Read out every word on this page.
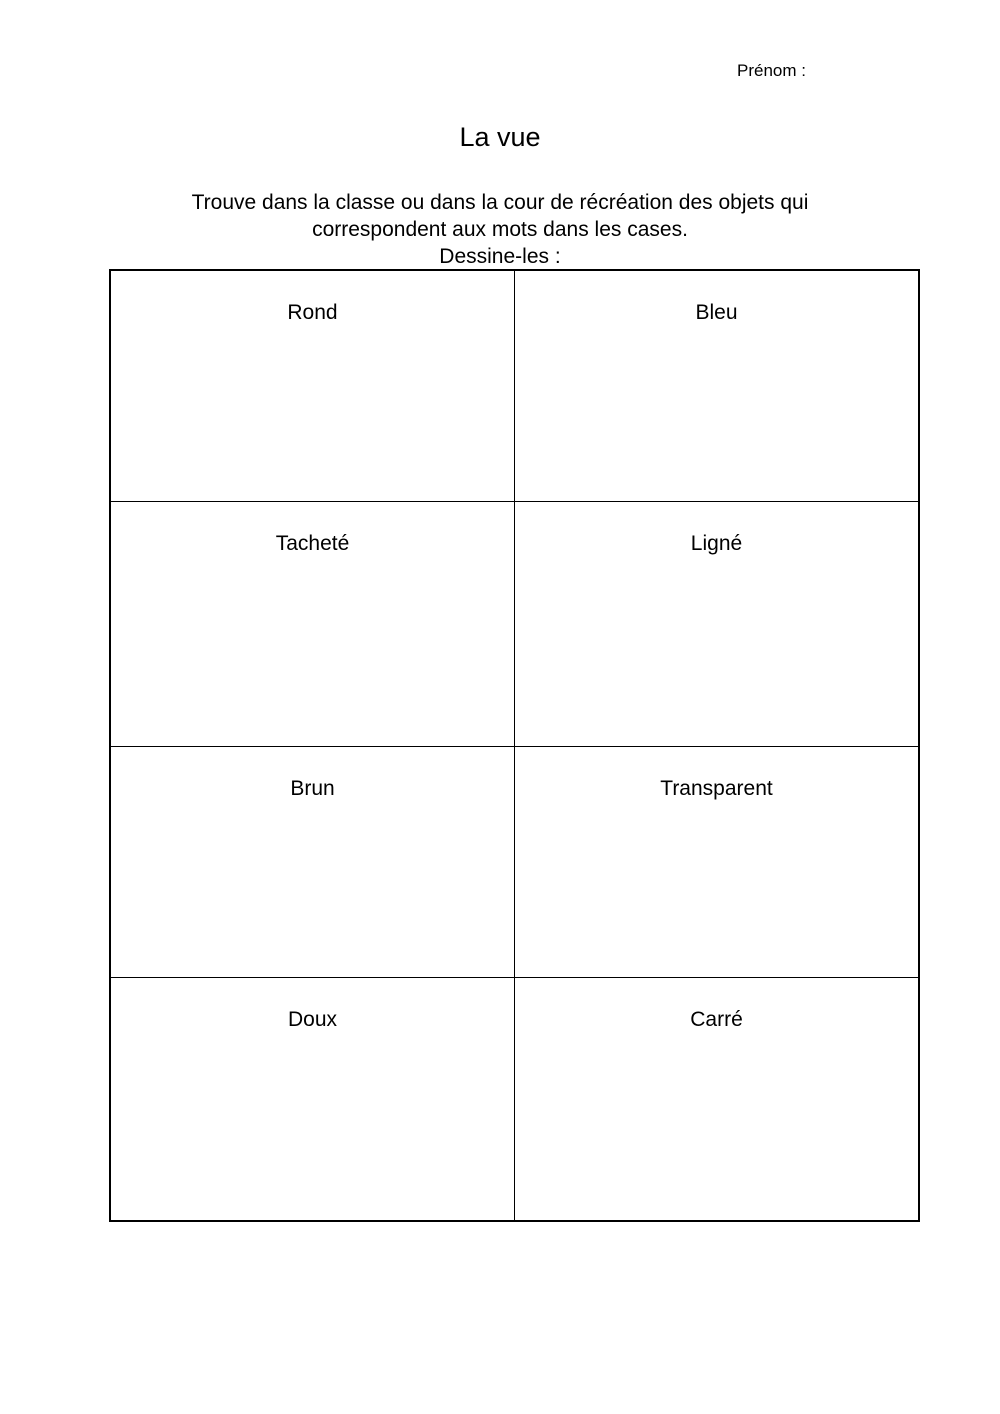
Prénom :
La vue
Trouve dans la classe ou dans la cour de récréation des objets qui
correspondent aux mots dans les cases.
Dessine-les :
Rond	Bleu
Tacheté	Ligné
Brun	Transparent
Doux	Carré
